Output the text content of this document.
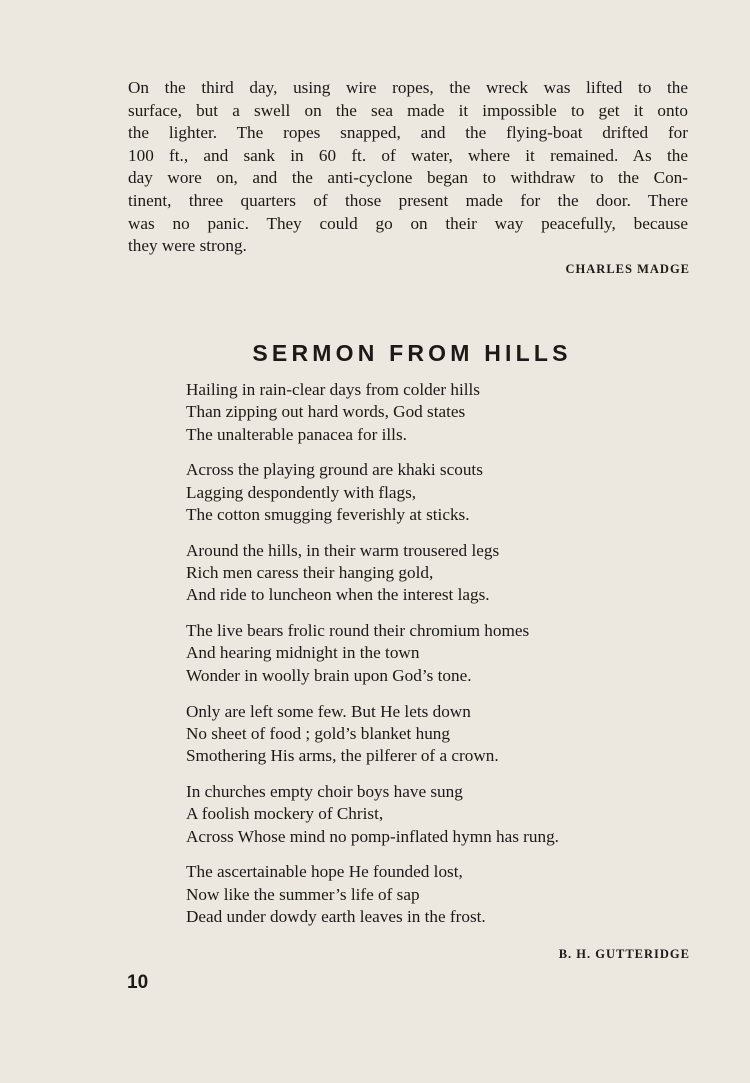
On the third day, using wire ropes, the wreck was lifted to the
surface, but a swell on the sea made it impossible to get it onto
the lighter. The ropes snapped, and the flying-boat drifted for
100 ft., and sank in 60 ft. of water, where it remained. As the
day wore on, and the anti-cyclone began to withdraw to the Con-
tinent, three quarters of those present made for the door. There
was no panic. They could go on their way peacefully, because
they were strong.
CHARLES MADGE
SERMON FROM HILLS
Hailing in rain-clear days from colder hills
Than zipping out hard words, God states
The unalterable panacea for ills.
Across the playing ground are khaki scouts
Lagging despondently with flags,
The cotton smugging feverishly at sticks.
Around the hills, in their warm trousered legs
Rich men caress their hanging gold,
And ride to luncheon when the interest lags.
The live bears frolic round their chromium homes
And hearing midnight in the town
Wonder in woolly brain upon God’s tone.
Only are left some few. But He lets down
No sheet of food ; gold’s blanket hung
Smothering His arms, the pilferer of a crown.
In churches empty choir boys have sung
A foolish mockery of Christ,
Across Whose mind no pomp-inflated hymn has rung.
The ascertainable hope He founded lost,
Now like the summer’s life of sap
Dead under dowdy earth leaves in the frost.
B. H. GUTTERIDGE
10
